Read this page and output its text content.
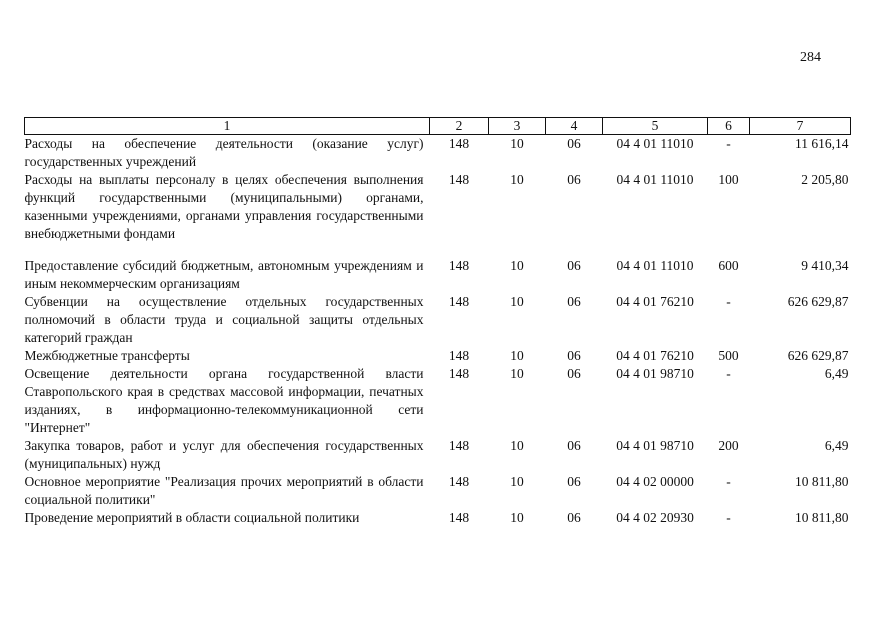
284
1	2	3	4	5	6	7
Расходы на обеспечение деятельности (оказание услуг) государственных учреждений	148	10	06	04 4 01 11010	-	11 616,14
Расходы на выплаты персоналу в целях обеспечения выполнения функций государственными (муниципальными) органами, казенными учреждениями, органами управления государственными внебюджетными фондами	148	10	06	04 4 01 11010	100	2 205,80

Предоставление субсидий бюджетным, автономным учреждениям и иным некоммерческим организациям	148	10	06	04 4 01 11010	600	9 410,34
Субвенции на осуществление отдельных государственных полномочий в области труда и социальной защиты отдельных категорий граждан	148	10	06	04 4 01 76210	-	626 629,87
Межбюджетные трансферты	148	10	06	04 4 01 76210	500	626 629,87
Освещение деятельности органа государственной власти Ставропольского края в средствах массовой информации, печатных изданиях, в информационно-телекоммуникационной сети "Интернет"	148	10	06	04 4 01 98710	-	6,49
Закупка товаров, работ и услуг для обеспечения государственных (муниципальных) нужд	148	10	06	04 4 01 98710	200	6,49
Основное мероприятие "Реализация прочих мероприятий в области социальной политики"	148	10	06	04 4 02 00000	-	10 811,80
Проведение мероприятий в области социальной политики	148	10	06	04 4 02 20930	-	10 811,80
